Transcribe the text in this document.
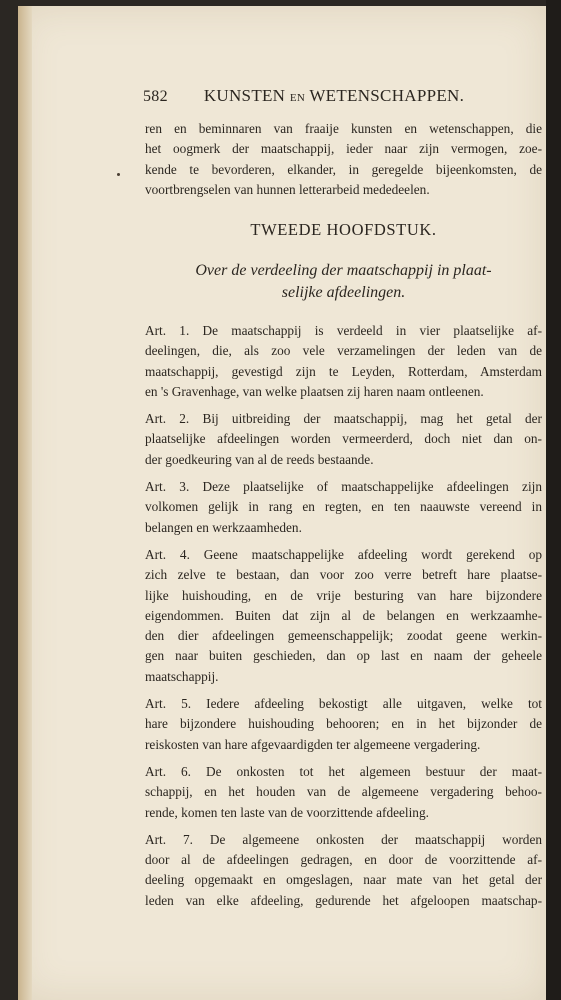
582	KUNSTEN EN WETENSCHAPPEN.
ren en beminnaren van fraaije kunsten en wetenschappen, die
het oogmerk der maatschappij, ieder naar zijn vermogen, zoe-
kende te bevorderen, elkander, in geregelde bijeenkomsten, de
voortbrengselen van hunnen letterarbeid mededeelen.
TWEEDE HOOFDSTUK.
Over de verdeeling der maatschappij in plaat-
selijke afdeelingen.
Art. 1. De maatschappij is verdeeld in vier plaatselijke af-
deelingen, die, als zoo vele verzamelingen der leden van de
maatschappij, gevestigd zijn te Leyden, Rotterdam, Amsterdam
en 's Gravenhage, van welke plaatsen zij haren naam ontleenen.
Art. 2. Bij uitbreiding der maatschappij, mag het getal der
plaatselijke afdeelingen worden vermeerderd, doch niet dan on-
der goedkeuring van al de reeds bestaande.
Art. 3. Deze plaatselijke of maatschappelijke afdeelingen zijn
volkomen gelijk in rang en regten, en ten naauwste vereend in
belangen en werkzaamheden.
Art. 4. Geene maatschappelijke afdeeling wordt gerekend op
zich zelve te bestaan, dan voor zoo verre betreft hare plaatse-
lijke huishouding, en de vrije besturing van hare bijzondere
eigendommen. Buiten dat zijn al de belangen en werkzaamhe-
den dier afdeelingen gemeenschappelijk; zoodat geene werkin-
gen naar buiten geschieden, dan op last en naam der geheele
maatschappij.
Art. 5. Iedere afdeeling bekostigt alle uitgaven, welke tot
hare bijzondere huishouding behooren; en in het bijzonder de
reiskosten van hare afgevaardigden ter algemeene vergadering.
Art. 6. De onkosten tot het algemeen bestuur der maat-
schappij, en het houden van de algemeene vergadering behoo-
rende, komen ten laste van de voorzittende afdeeling.
Art. 7. De algemeene onkosten der maatschappij worden
door al de afdeelingen gedragen, en door de voorzittende af-
deeling opgemaakt en omgeslagen, naar mate van het getal der
leden van elke afdeeling, gedurende het afgeloopen maatschap-
